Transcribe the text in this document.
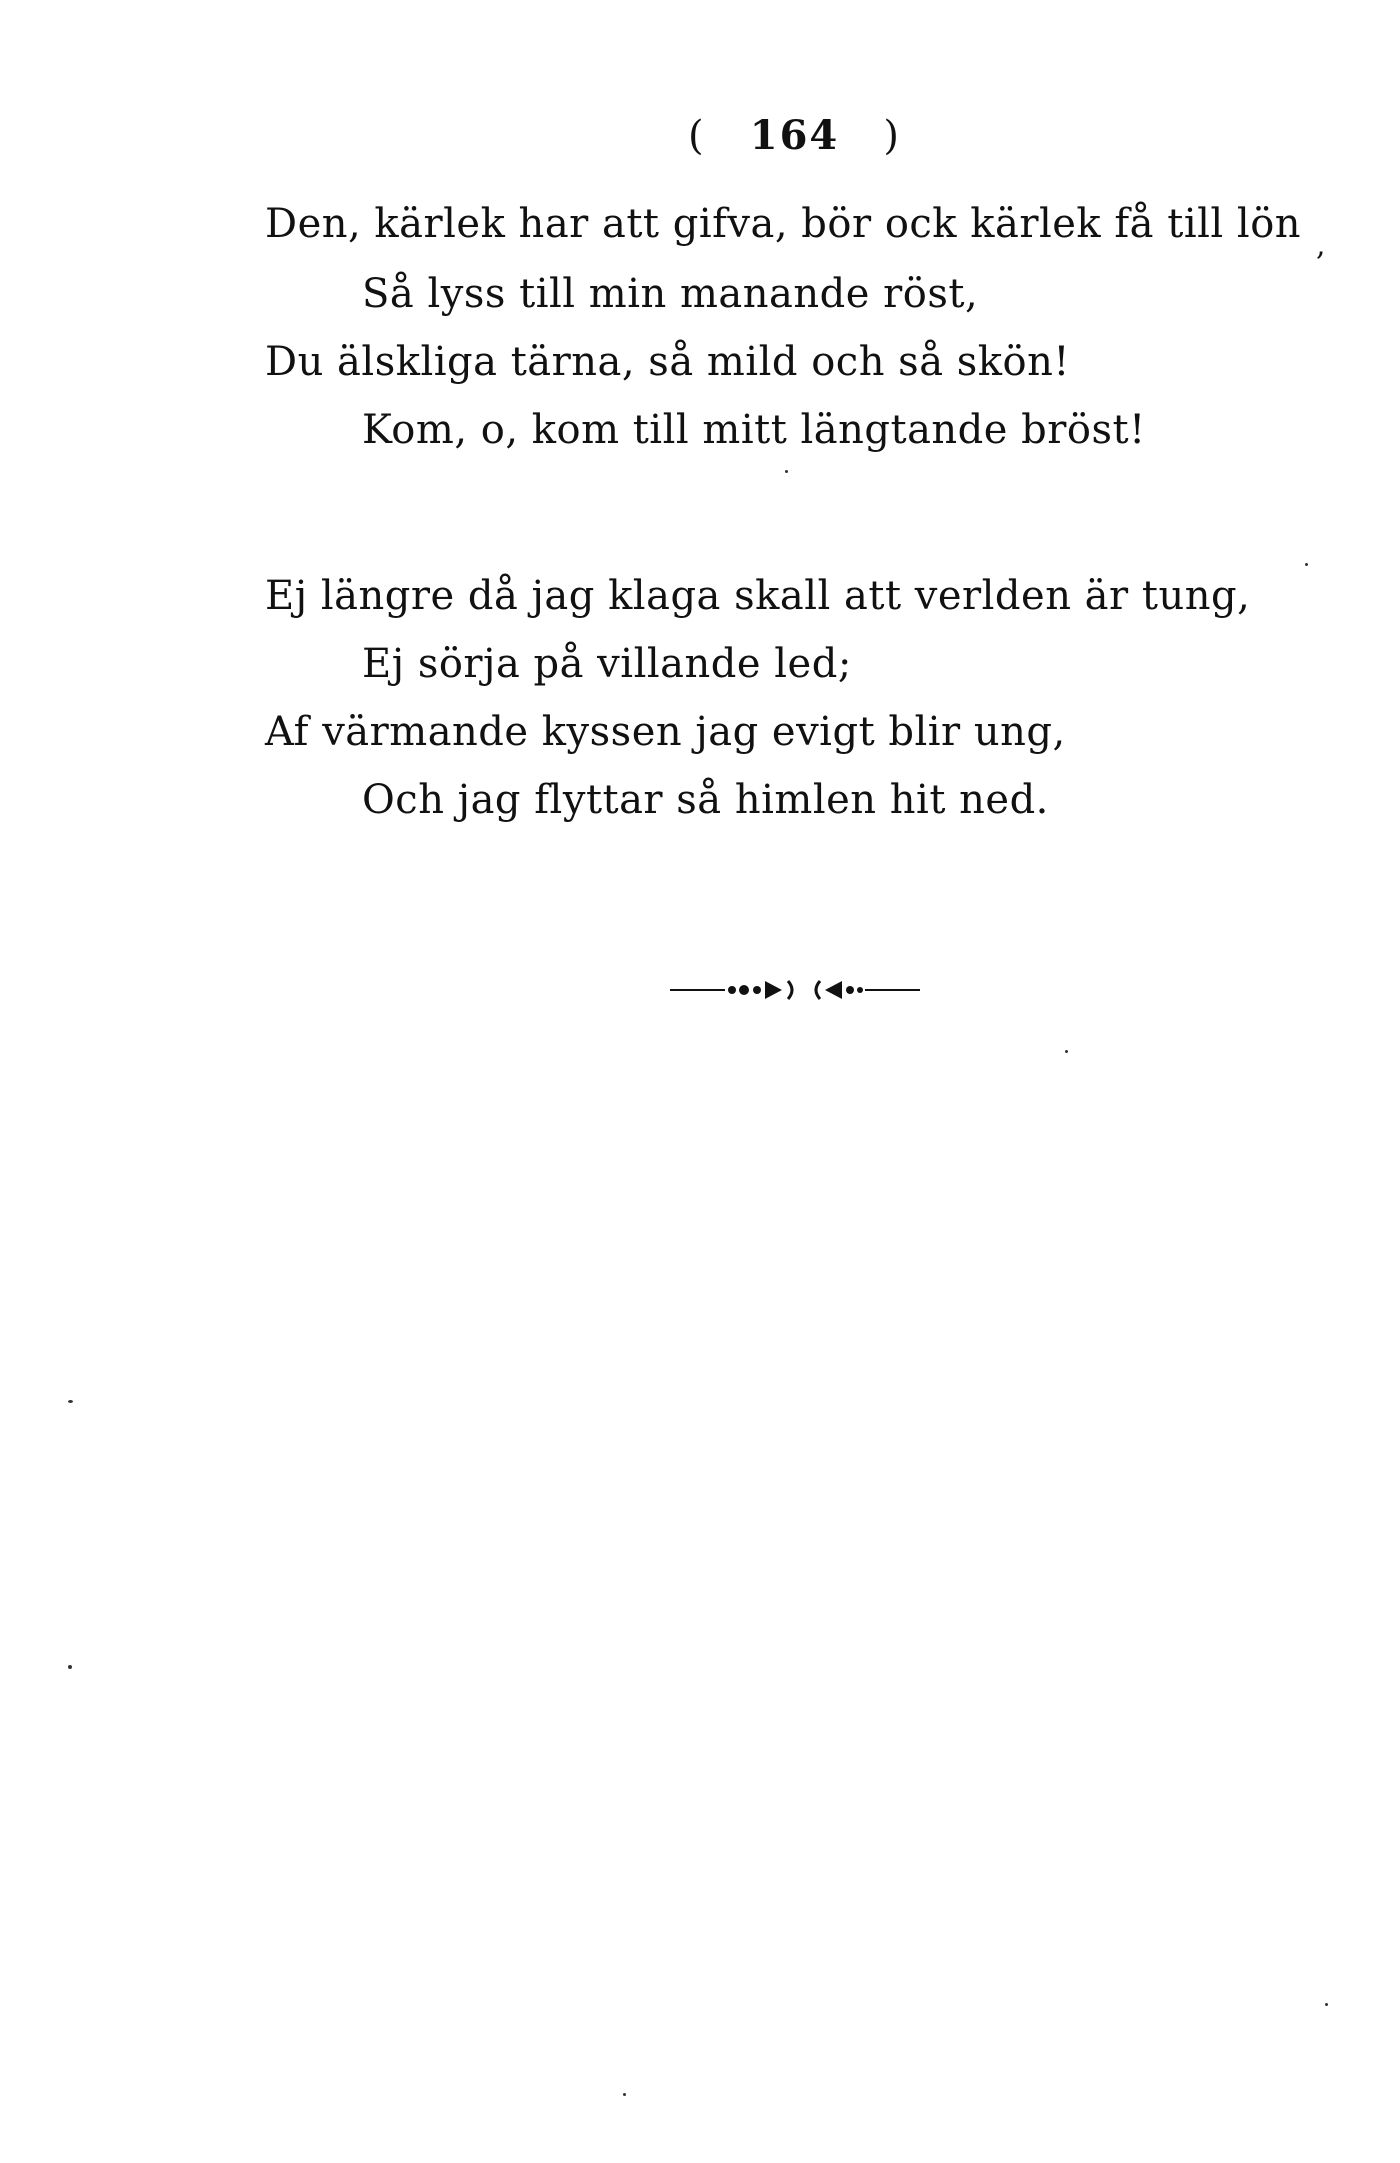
( 164 )
Den, kärlek har att gifva, bör ock kärlek få till lön ,
Så lyss till min manande röst,
Du älskliga tärna, så mild och så skön!
Kom, o, kom till mitt längtande bröst!
Ej längre då jag klaga skall att verlden är tung,
Ej sörja på villande led;
Af värmande kyssen jag evigt blir ung,
Och jag flyttar så himlen hit ned.
